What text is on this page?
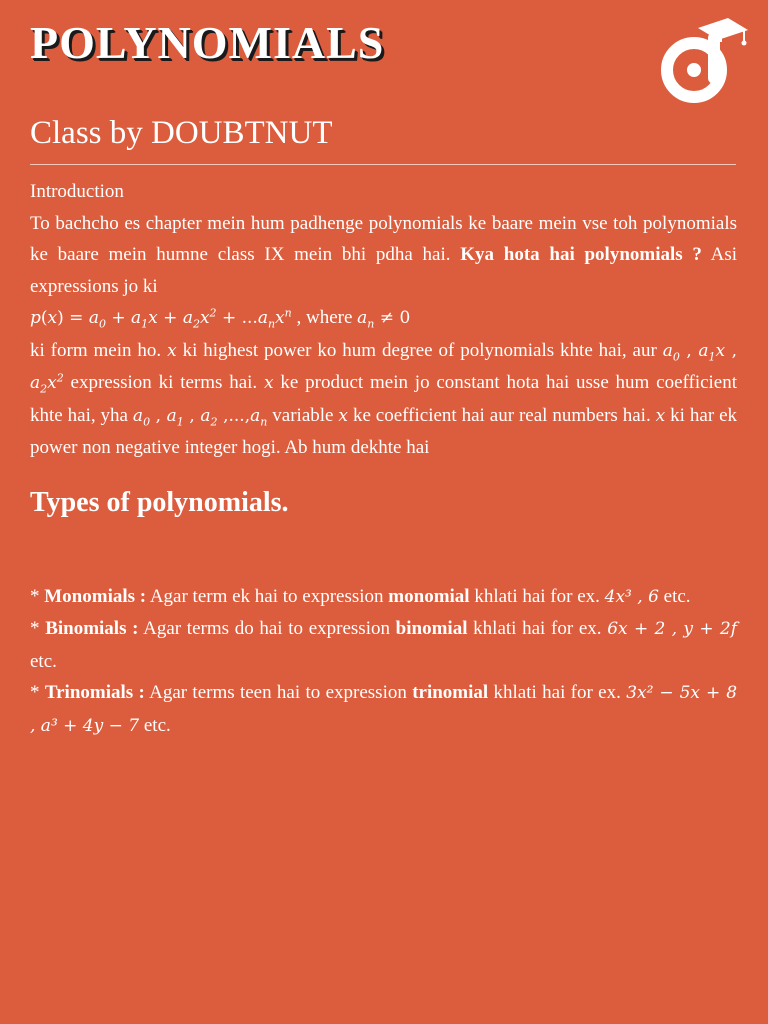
POLYNOMIALS
Class by DOUBTNUT
Introduction

To bachcho es chapter mein hum padhenge polynomials ke baare mein vse toh polynomials ke baare mein humne class IX mein bhi pdha hai. Kya hota hai polynomials ? Asi expressions jo ki

$p(x) = a_0 + a_1x + a_2x^2 + ...a_nx^n$ , where $a_n \ne 0$

ki form mein ho. x ki highest power ko hum degree of polynomials khte hai, aur $a_0$ , $a_1x$ , $a_2x^2$ expression ki terms hai. x ke product mein jo constant hota hai usse hum coefficient khte hai, yha $a_0$ , $a_1$ , $a_2$ $,...,a_n$ variable x ke coefficient hai aur real numbers hai. x ki har ek power non negative integer hogi. Ab hum dekhte hai

Types of polynomials.

* Monomials : Agar term ek hai to expression monomial khlati hai for ex. 4x³ , 6 etc.

* Binomials : Agar terms do hai to expression binomial khlati hai for ex. 6x + 2 , y + 2f etc.

* Trinomials : Agar terms teen hai to expression trinomial khlati hai for ex. 3x² − 5x + 8 , a³ + 4y − 7 etc.
